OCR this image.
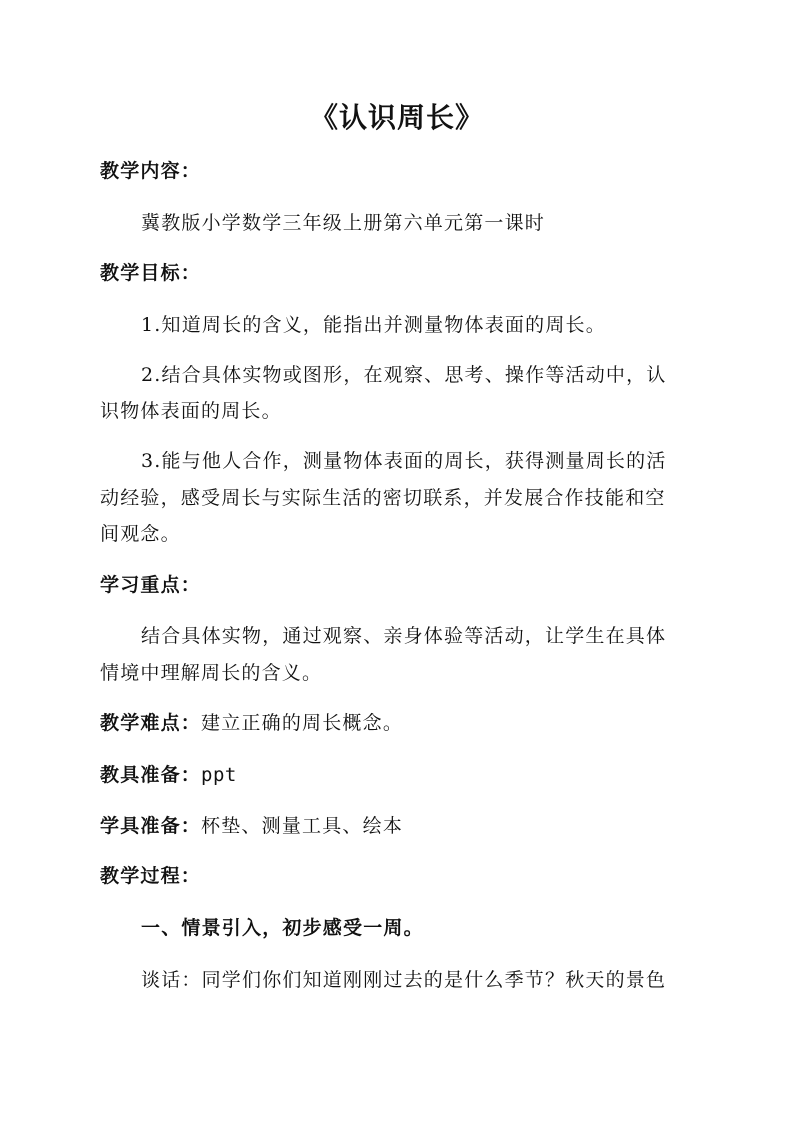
《认识周长》
教学内容：
冀教版小学数学三年级上册第六单元第一课时
教学目标：
1.知道周长的含义，能指出并测量物体表面的周长。
2.结合具体实物或图形，在观察、思考、操作等活动中，认
识物体表面的周长。
3.能与他人合作，测量物体表面的周长，获得测量周长的活
动经验，感受周长与实际生活的密切联系，并发展合作技能和空
间观念。
学习重点：
结合具体实物，通过观察、亲身体验等活动，让学生在具体
情境中理解周长的含义。
教学难点：建立正确的周长概念。
教具准备：ppt
学具准备：杯垫、测量工具、绘本
教学过程：
一、情景引入，初步感受一周。
谈话：同学们你们知道刚刚过去的是什么季节？秋天的景色
